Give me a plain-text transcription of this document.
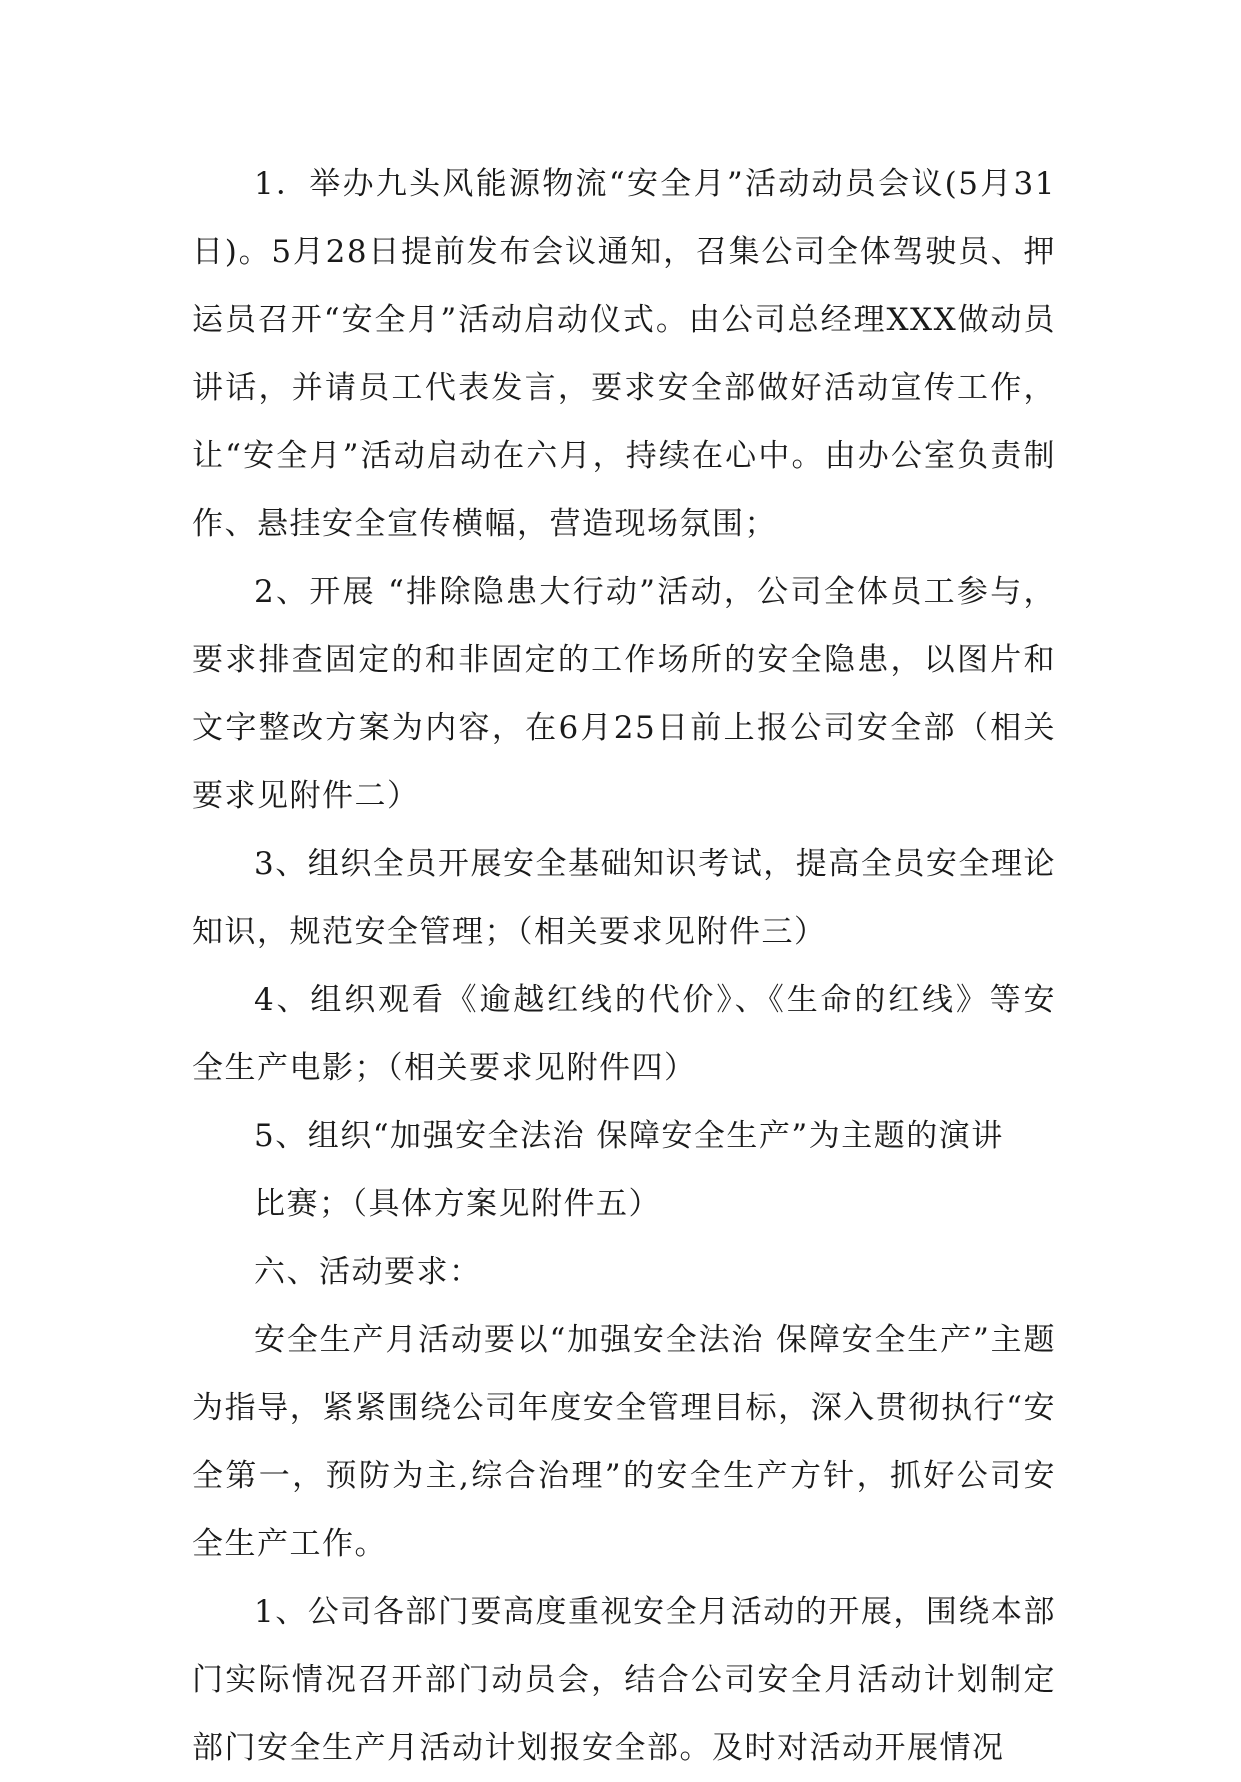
1．举办九头风能源物流“安全月”活动动员会议(5月31日)。5月28日提前发布会议通知，召集公司全体驾驶员、押运员召开“安全月”活动启动仪式。由公司总经理XXX做动员讲话，并请员工代表发言，要求安全部做好活动宣传工作，让“安全月”活动启动在六月，持续在心中。由办公室负责制作、悬挂安全宣传横幅，营造现场氛围；

2、开展 “排除隐患大行动”活动，公司全体员工参与，要求排查固定的和非固定的工作场所的安全隐患，以图片和文字整改方案为内容，在6月25日前上报公司安全部（相关要求见附件二）

3、组织全员开展安全基础知识考试，提高全员安全理论知识，规范安全管理；（相关要求见附件三）

4、组织观看《逾越红线的代价》、《生命的红线》等安全生产电影；（相关要求见附件四）

5、组织“加强安全法治 保障安全生产”为主题的演讲

比赛；（具体方案见附件五）

六、活动要求：

安全生产月活动要以“加强安全法治 保障安全生产”主题为指导，紧紧围绕公司年度安全管理目标，深入贯彻执行“安全第一，预防为主,综合治理”的安全生产方针，抓好公司安全生产工作。

1、公司各部门要高度重视安全月活动的开展，围绕本部门实际情况召开部门动员会，结合公司安全月活动计划制定部门安全生产月活动计划报安全部。及时对活动开展情况
